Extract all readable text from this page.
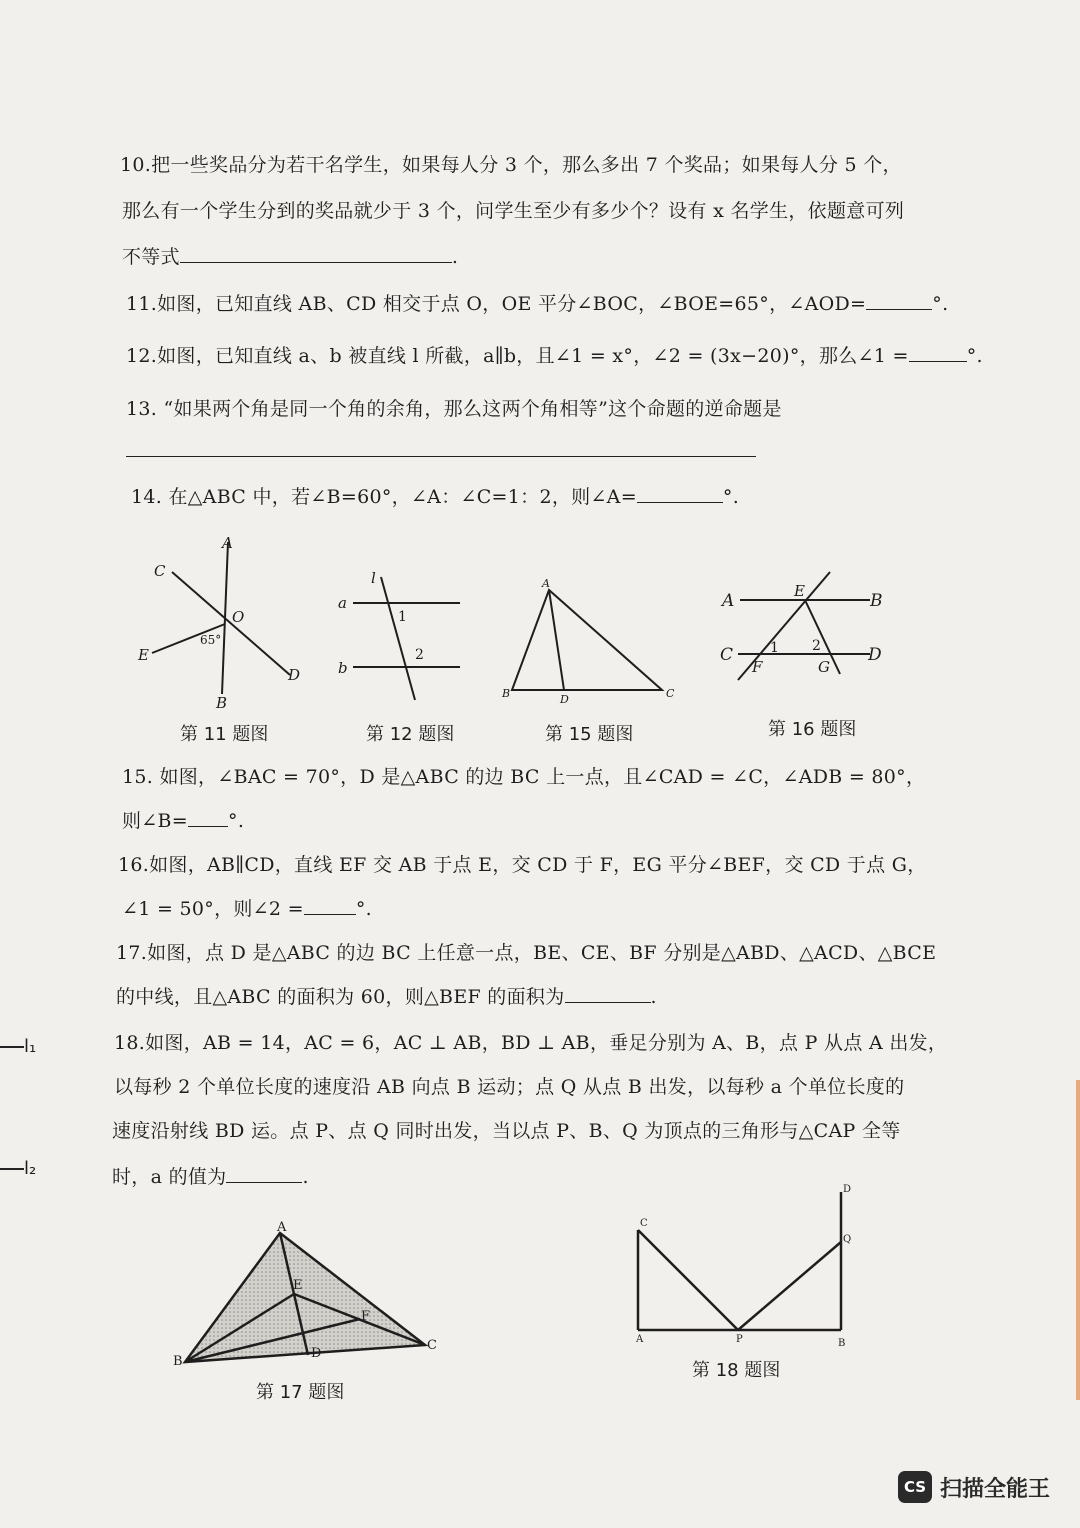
10.把一些奖品分为若干名学生，如果每人分 3 个，那么多出 7 个奖品；如果每人分 5 个，
那么有一个学生分到的奖品就少于 3 个，问学生至少有多少个？设有 x 名学生，依题意可列
不等式	.
11.如图，已知直线 AB、CD 相交于点 O，OE 平分∠BOC，∠BOE=65°，∠AOD=	°.
12.如图，已知直线 a、b 被直线 l 所截，a∥b，且∠1 = x°，∠2 = (3x−20)°，那么∠1 =	°.
13. “如果两个角是同一个角的余角，那么这两个角相等”这个命题的逆命题是
14. 在△ABC 中，若∠B=60°，∠A：∠C=1：2，则∠A=	°.
A
B
C
D
E
O
65°
第 11 题图
l
a
b
1
2
第 12 题图
A
B	D	C
第 15 题图
A	B
C	D
E
F	G
1 2
第 16 题图
15. 如图，∠BAC = 70°，D 是△ABC 的边 BC 上一点，且∠CAD = ∠C，∠ADB = 80°，
则∠B= °.
16.如图，AB∥CD，直线 EF 交 AB 于点 E，交 CD 于 F，EG 平分∠BEF，交 CD 于点 G，
∠1 = 50°，则∠2 =	°.
17.如图，点 D 是△ABC 的边 BC 上任意一点，BE、CE、BF 分别是△ABD、△ACD、△BCE
的中线，且△ABC 的面积为 60，则△BEF 的面积为	.
18.如图，AB = 14，AC = 6，AC ⊥ AB，BD ⊥ AB，垂足分别为 A、B，点 P 从点 A 出发，
以每秒 2 个单位长度的速度沿 AB 向点 B 运动；点 Q 从点 B 出发，以每秒 a 个单位长度的
速度沿射线 BD 运。点 P、点 Q 同时出发，当以点 P、B、Q 为顶点的三角形与△CAP 全等
时，a 的值为	.
l₁
l₂
A
B
C
D
E
F
第 17 题图
C
A	P	B
D
Q
第 18 题图
CS 扫描全能王
